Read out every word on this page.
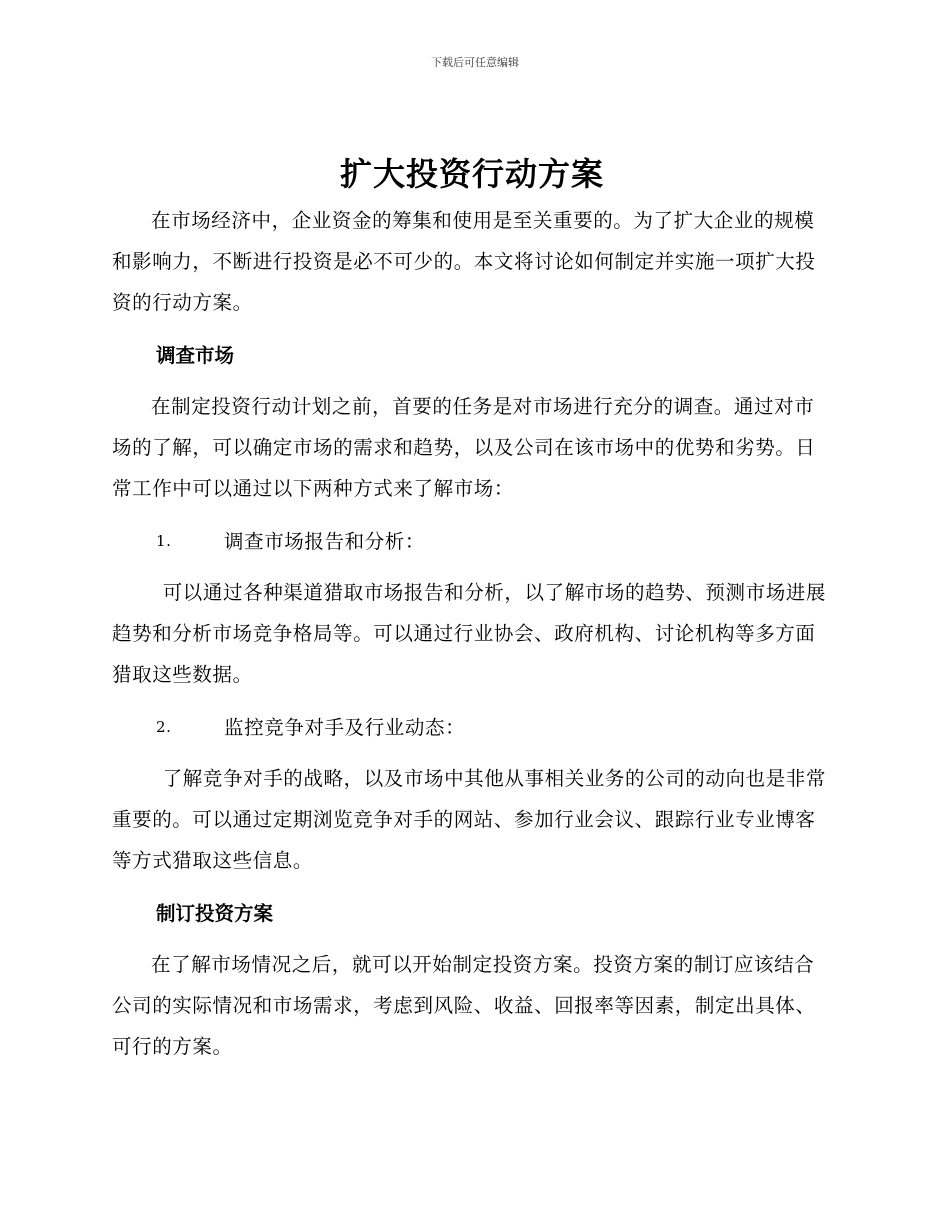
下载后可任意编辑
扩大投资行动方案

在市场经济中，企业资金的筹集和使用是至关重要的。为了扩大企业的规模和影响力，不断进行投资是必不可少的。本文将讨论如何制定并实施一项扩大投资的行动方案。

调查市场

在制定投资行动计划之前，首要的任务是对市场进行充分的调查。通过对市场的了解，可以确定市场的需求和趋势，以及公司在该市场中的优势和劣势。日常工作中可以通过以下两种方式来了解市场：

1.	调查市场报告和分析：

可以通过各种渠道猎取市场报告和分析，以了解市场的趋势、预测市场进展趋势和分析市场竞争格局等。可以通过行业协会、政府机构、讨论机构等多方面猎取这些数据。

2.	监控竞争对手及行业动态：

了解竞争对手的战略，以及市场中其他从事相关业务的公司的动向也是非常重要的。可以通过定期浏览竞争对手的网站、参加行业会议、跟踪行业专业博客等方式猎取这些信息。

制订投资方案

在了解市场情况之后，就可以开始制定投资方案。投资方案的制订应该结合公司的实际情况和市场需求，考虑到风险、收益、回报率等因素，制定出具体、可行的方案。
